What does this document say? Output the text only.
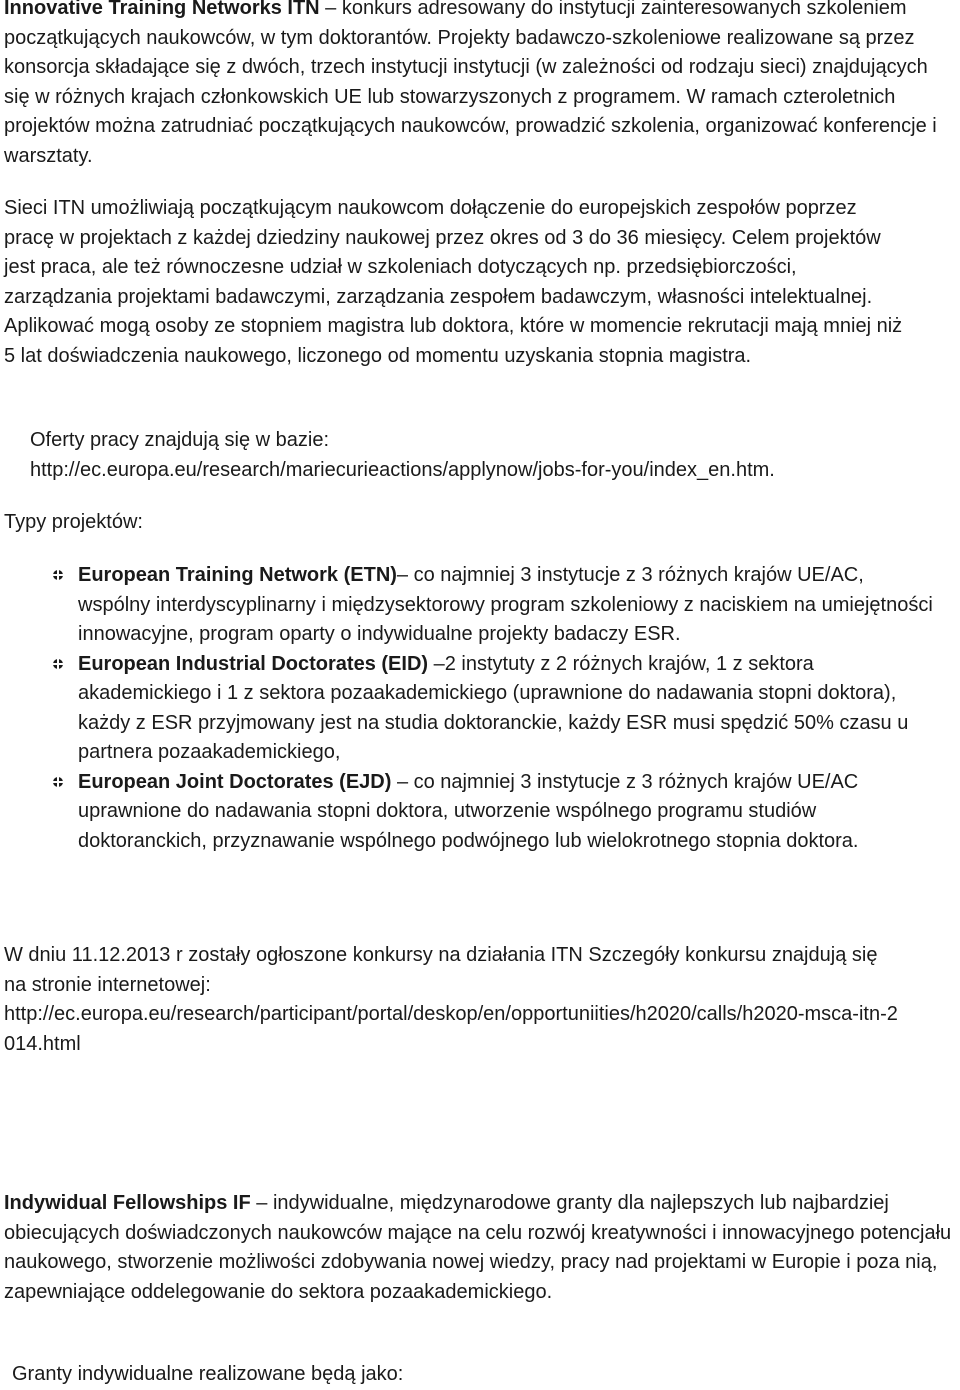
Innovative Training Networks ITN – konkurs adresowany do instytucji zainteresowanych szkoleniem początkujących naukowców, w tym doktorantów. Projekty badawczo-szkoleniowe realizowane są przez konsorcja składające się z dwóch, trzech instytucji instytucji (w zależności od rodzaju sieci) znajdujących się w różnych krajach członkowskich UE lub stowarzyszonych z programem. W ramach czteroletnich projektów można zatrudniać początkujących naukowców, prowadzić szkolenia, organizować konferencje i warsztaty.

Sieci ITN umożliwiają początkującym naukowcom dołączenie do europejskich zespołów poprzez pracę w projektach z każdej dziedziny naukowej przez okres od 3 do 36 miesięcy. Celem projektów jest praca, ale też równoczesne udział w szkoleniach dotyczących np. przedsiębiorczości, zarządzania projektami badawczymi, zarządzania zespołem badawczym, własności intelektualnej. Aplikować mogą osoby ze stopniem magistra lub doktora, które w momencie rekrutacji mają mniej niż 5 lat doświadczenia naukowego, liczonego od momentu uzyskania stopnia magistra.

Oferty pracy znajdują się w bazie:

http://ec.europa.eu/research/mariecurieactions/applynow/jobs-for-you/index_en.htm.

Typy projektów:

European Training Network (ETN)– co najmniej 3 instytucje z 3 różnych krajów UE/AC, wspólny interdyscyplinarny i międzysektorowy program szkoleniowy z naciskiem na umiejętności innowacyjne, program oparty o indywidualne projekty badaczy ESR.
European Industrial Doctorates (EID) –2 instytuty z 2 różnych krajów, 1 z sektora akademickiego i 1 z sektora pozaakademickiego (uprawnione do nadawania stopni doktora), każdy z ESR przyjmowany jest na studia doktoranckie, każdy ESR musi spędzić 50% czasu u partnera pozaakademickiego,
European Joint Doctorates (EJD) – co najmniej 3 instytucje z 3 różnych krajów UE/AC uprawnione do nadawania stopni doktora, utworzenie wspólnego programu studiów doktoranckich, przyznawanie wspólnego podwójnego lub wielokrotnego stopnia doktora.

W dniu 11.12.2013 r zostały ogłoszone konkursy na działania ITN Szczegóły konkursu znajdują się na stronie internetowej:
http://ec.europa.eu/research/participant/portal/deskop/en/opportuniities/h2020/calls/h2020-msca-itn-2014.html

Indywidual Fellowships IF – indywidualne, międzynarodowe granty dla najlepszych lub najbardziej obiecujących doświadczonych naukowców mające na celu rozwój kreatywności i innowacyjnego potencjału naukowego, stworzenie możliwości zdobywania nowej wiedzy, pracy nad projektami w Europie i poza nią, zapewniające oddelegowanie do sektora pozaakademickiego.

Granty indywidualne realizowane będą jako:
